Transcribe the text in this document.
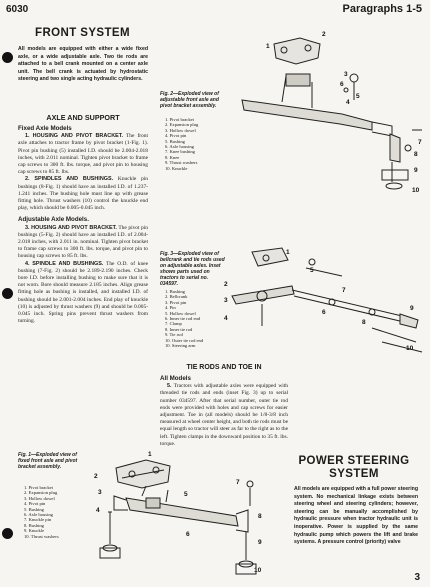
6030	Paragraphs 1-5
FRONT SYSTEM
All models are equipped with either a wide fixed axle, or a wide adjustable axle. Two tie rods are attached to a bell crank mounted on a center axle unit. The bell crank is actuated by hydrostatic steering and two single acting hydraulic cylinders.
AXLE AND SUPPORT
Fixed Axle Models

1. HOUSING AND PIVOT BRACKET. The front axle attaches to tractor frame by pivot bracket (1-Fig. 1). Pivot pin bushing (5) installed I.D. should be 2.004-2.018 inches, with 2.011 nominal. Tighten pivot bracket to frame cap screws to 300 ft. lbs. torque, and pivot pin to housing cap screws to 85 ft. lbs.

2. SPINDLES AND BUSHINGS. Knuckle pin bushings (8-Fig. 1) should have an installed I.D. of 1.237-1.241 inches. The bushing hole must line up with grease fitting hole. Thrust washers (10) control the knuckle end play, which should be 0.005-0.045 inch.

Adjustable Axle Models.

3. HOUSING AND PIVOT BRACKET. The pivot pin bushings (5-Fig. 2) should have an installed I.D. of 2.004-2.018 inches, with 2.011 in. nominal. Tighten pivot bracket to frame cap screws to 300 ft. lbs. torque, and pivot pin to housing cap screws to 85 ft. lbs.

4. SPINDLE AND BUSHINGS. The O.D. of knee bushing (7-Fig. 2) should be 2.189-2.190 inches. Check bore I.D. before installing bushing to make sure that it is not worn. Bore should measure 2.185 inches. Align grease fitting hole as bushing is installed, and installed I.D. of bushing should be 2.001-2.004 inches. End play of knuckle (10) is adjusted by thrust washers (9) and should be 0.005-0.045 inch. Spring pins prevent thrust washers from turning.

Fig. 1—Exploded view of fixed front axle and pivot bracket assembly.
1. Pivot bracket
2. Expansion plug
3. Hollow dowel
4. Pivot pin
5. Bushing
6. Axle housing
7. Knuckle pin
8. Bushing
9. Knuckle
10. Thrust washers
1
2
3
4
5
6
7
8
9
10
Fig. 2—Exploded view of adjustable front axle and pivot bracket assembly.
1. Pivot bracket
2. Expansion plug
3. Hollow dowel
4. Pivot pin
5. Bushing
6. Axle housing
7. Knee bushing
8. Knee
9. Thrust washers
10. Knuckle
1
2
3
4
5
6
7
8
9
10
Fig. 3—Exploded view of bellcrank and tie rods used on adjustable axles. Inset shows parts used on tractors to serial no. 034597.
1. Bushing
2. Bellcrank
3. Pivot pin
4. Pin
5. Hollow dowel
6. Inner tie rod end
7. Clamp
8. Inner tie rod
9. Tie rod
10. Outer tie rod end
10. Steering arm
1
2
3
4
5
6
7
8
9
10
TIE RODS AND TOE IN
All Models

5. Tractors with adjustable axles were equipped with threaded tie rods and ends (inset Fig. 3) up to serial number 034597. After that serial number, outer tie rod ends were provided with holes and cap screws for easier adjustment. Toe in (all models) should be 1/8-3/8 inch measured at wheel center height, and both tie rods must be equal length so tractor will steer as far to the right as to the left. Tighten clamps in the downward position to 35 ft. lbs. torque.

POWER STEERING SYSTEM
All models are equipped with a full power steering system. No mechanical linkage exists between steering wheel and steering cylinders; however, steering can be manually accomplished by hydraulic pressure when tractor hydraulic unit is inoperative. Power is supplied by the same hydraulic pump which powers the lift and brake systems. A pressure control (priority) valve
3
